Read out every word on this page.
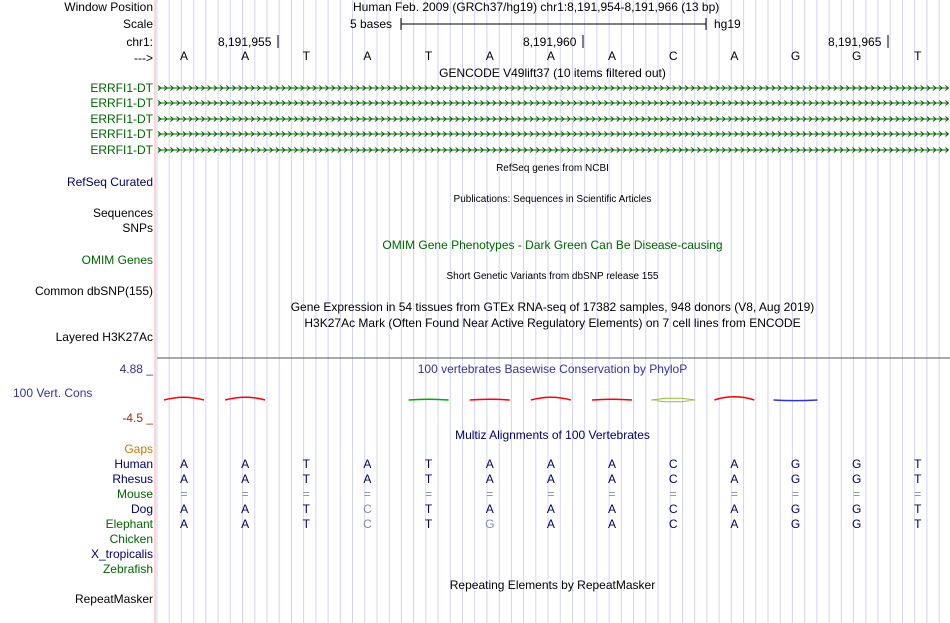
Window Position
Scale
chr1:
--->
Human Feb. 2009 (GRCh37/hg19) chr1:8,191,954-8,191,966 (13 bp)
5 bases	hg19
8,191,955	8,191,960	8,191,965
A	A	T	A	T	A	A	A	C	A	G	G	T
GENCODE V49lift37 (10 items filtered out)
ERRFI1-DT
ERRFI1-DT
ERRFI1-DT
ERRFI1-DT
ERRFI1-DT
RefSeq genes from NCBI
RefSeq Curated
Publications: Sequences in Scientific Articles
Sequences
SNPs
OMIM Gene Phenotypes - Dark Green Can Be Disease-causing
OMIM Genes
Short Genetic Variants from dbSNP release 155
Common dbSNP(155)
Gene Expression in 54 tissues from GTEx RNA-seq of 17382 samples, 948 donors (V8, Aug 2019)
H3K27Ac Mark (Often Found Near Active Regulatory Elements) on 7 cell lines from ENCODE
Layered H3K27Ac
100 vertebrates Basewise Conservation by PhyloP
4.88 _
100 Vert. Cons
-4.5 _
Multiz Alignments of 100 Vertebrates
Gaps
Human	A	A	T	A	T	A	A	A	C	A	G	G	T
Rhesus	A	A	T	A	T	A	A	A	C	A	G	G	T
Mouse	=	=	=	=	=	=	=	=	=	=	=	=	=
Dog	A	A	T	C	T	A	A	A	C	A	G	G	T
Elephant	A	A	T	C	T	G	A	A	C	A	G	G	T
Chicken
X_tropicalis
Zebrafish
Repeating Elements by RepeatMasker
RepeatMasker
